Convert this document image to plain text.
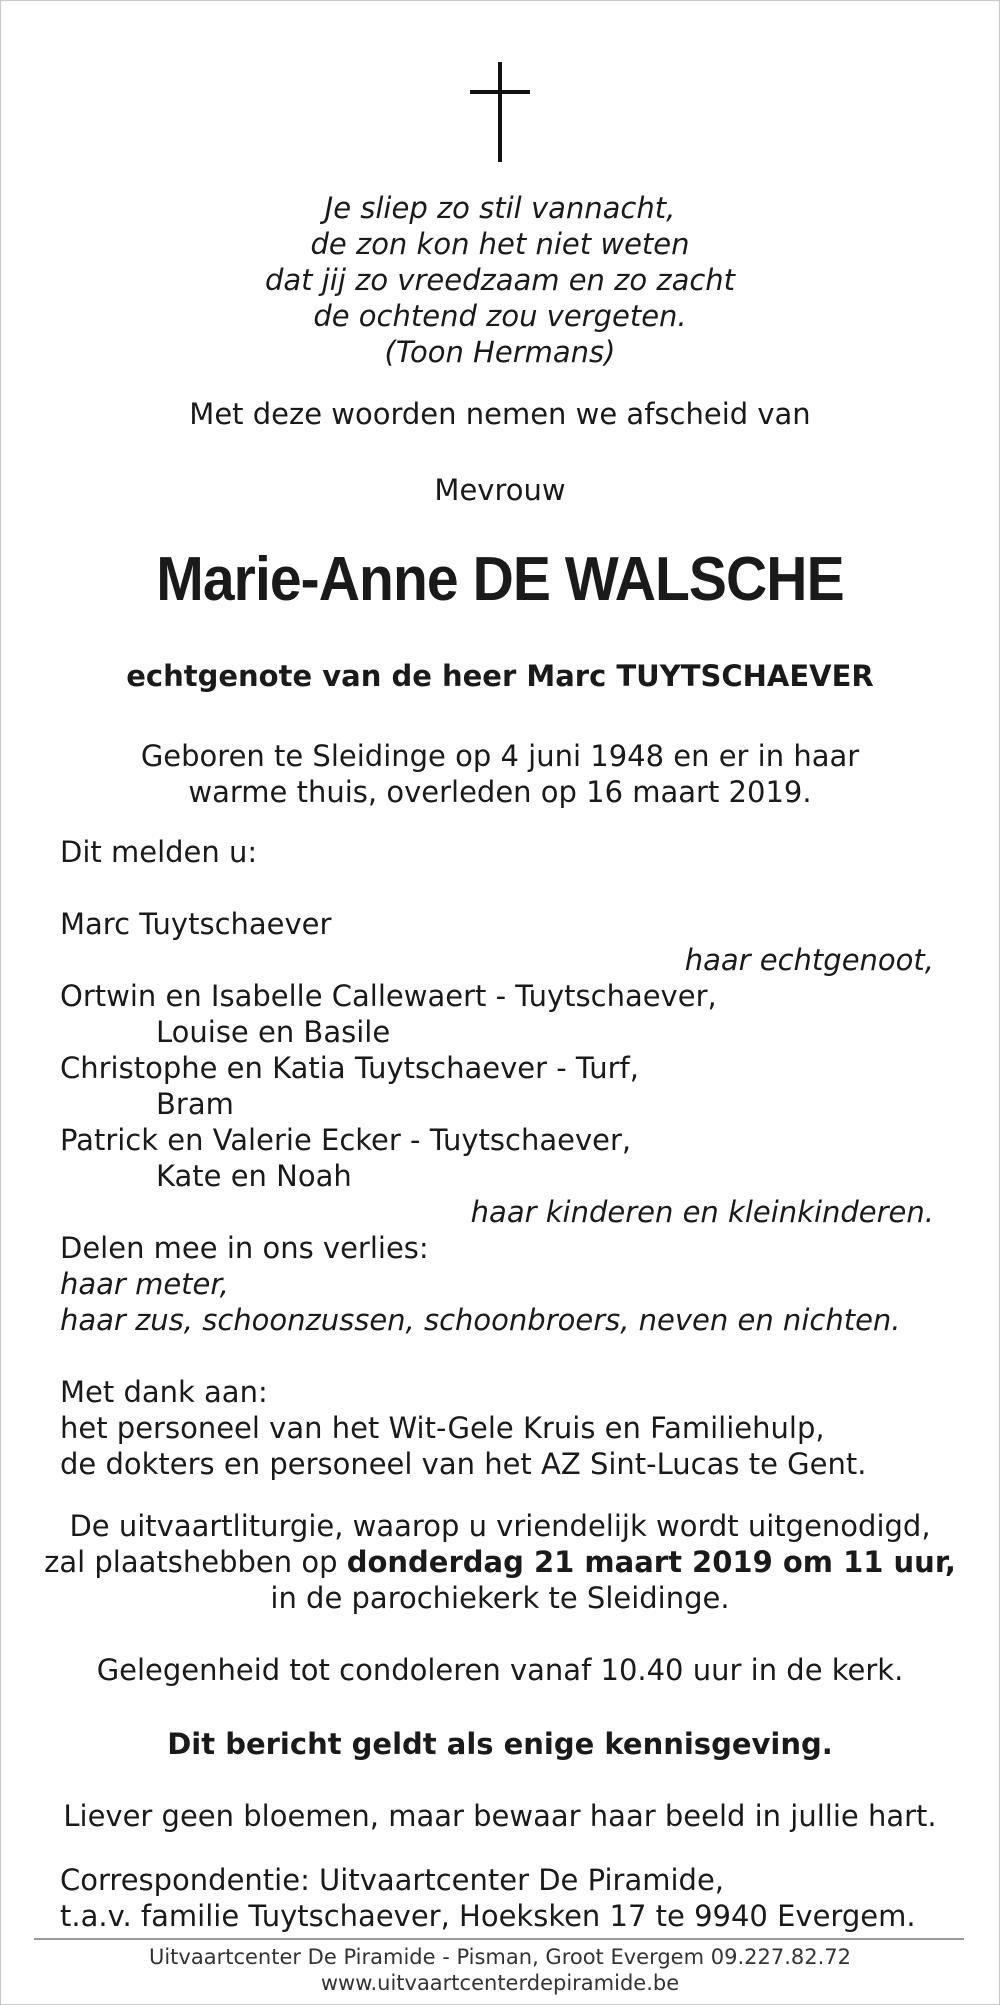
Je sliep zo stil vannacht,
de zon kon het niet weten
dat jij zo vreedzaam en zo zacht
de ochtend zou vergeten.
(Toon Hermans)
Met deze woorden nemen we afscheid van
Mevrouw
Marie-Anne DE WALSCHE
echtgenote van de heer Marc TUYTSCHAEVER
Geboren te Sleidinge op 4 juni 1948 en er in haar
warme thuis, overleden op 16 maart 2019.
Dit melden u:
Marc Tuytschaever
haar echtgenoot,
Ortwin en Isabelle Callewaert - Tuytschaever,
Louise en Basile
Christophe en Katia Tuytschaever - Turf,
Bram
Patrick en Valerie Ecker - Tuytschaever,
Kate en Noah
haar kinderen en kleinkinderen.
Delen mee in ons verlies:
haar meter,
haar zus, schoonzussen, schoonbroers, neven en nichten.
Met dank aan:
het personeel van het Wit-Gele Kruis en Familiehulp,
de dokters en personeel van het AZ Sint-Lucas te Gent.
De uitvaartliturgie, waarop u vriendelijk wordt uitgenodigd,
zal plaatshebben op donderdag 21 maart 2019 om 11 uur,
in de parochiekerk te Sleidinge.
Gelegenheid tot condoleren vanaf 10.40 uur in de kerk.
Dit bericht geldt als enige kennisgeving.
Liever geen bloemen, maar bewaar haar beeld in jullie hart.
Correspondentie: Uitvaartcenter De Piramide,
t.a.v. familie Tuytschaever, Hoeksken 17 te 9940 Evergem.
Uitvaartcenter De Piramide - Pisman, Groot Evergem 09.227.82.72
www.uitvaartcenterdepiramide.be
